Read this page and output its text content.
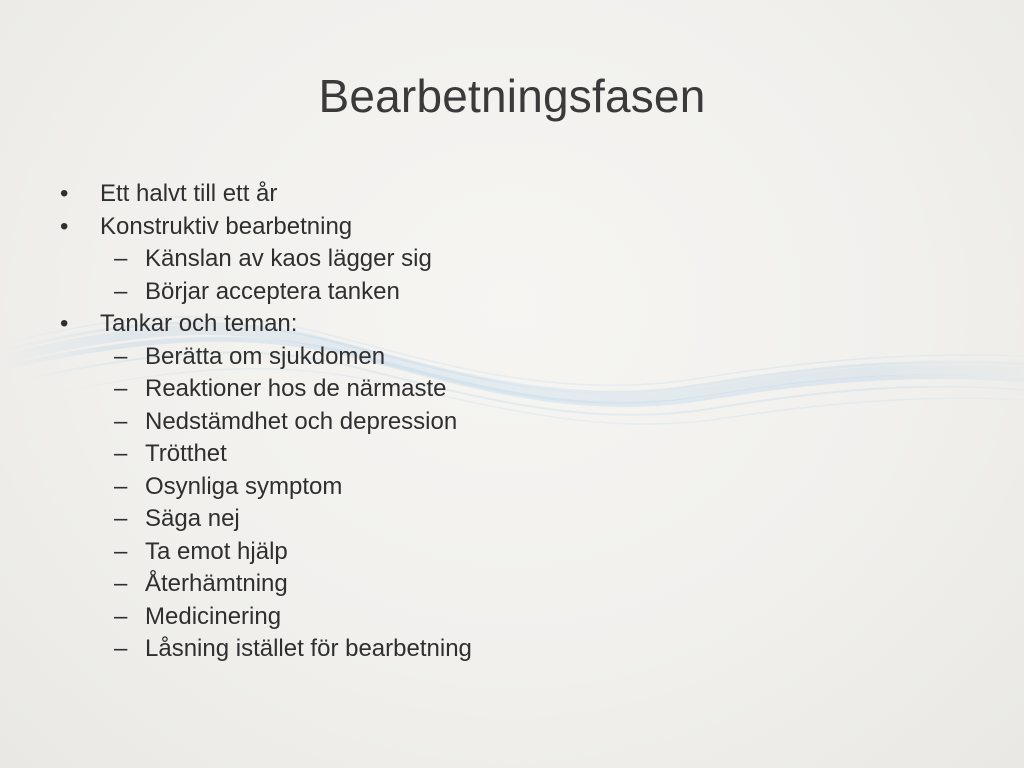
Bearbetningsfasen
• Ett halvt till ett år
• Konstruktiv bearbetning
– Känslan av kaos lägger sig
– Börjar acceptera tanken
• Tankar och teman:
– Berätta om sjukdomen
– Reaktioner hos de närmaste
– Nedstämdhet och depression
– Trötthet
– Osynliga symptom
– Säga nej
– Ta emot hjälp
– Återhämtning
– Medicinering
– Låsning istället för bearbetning
